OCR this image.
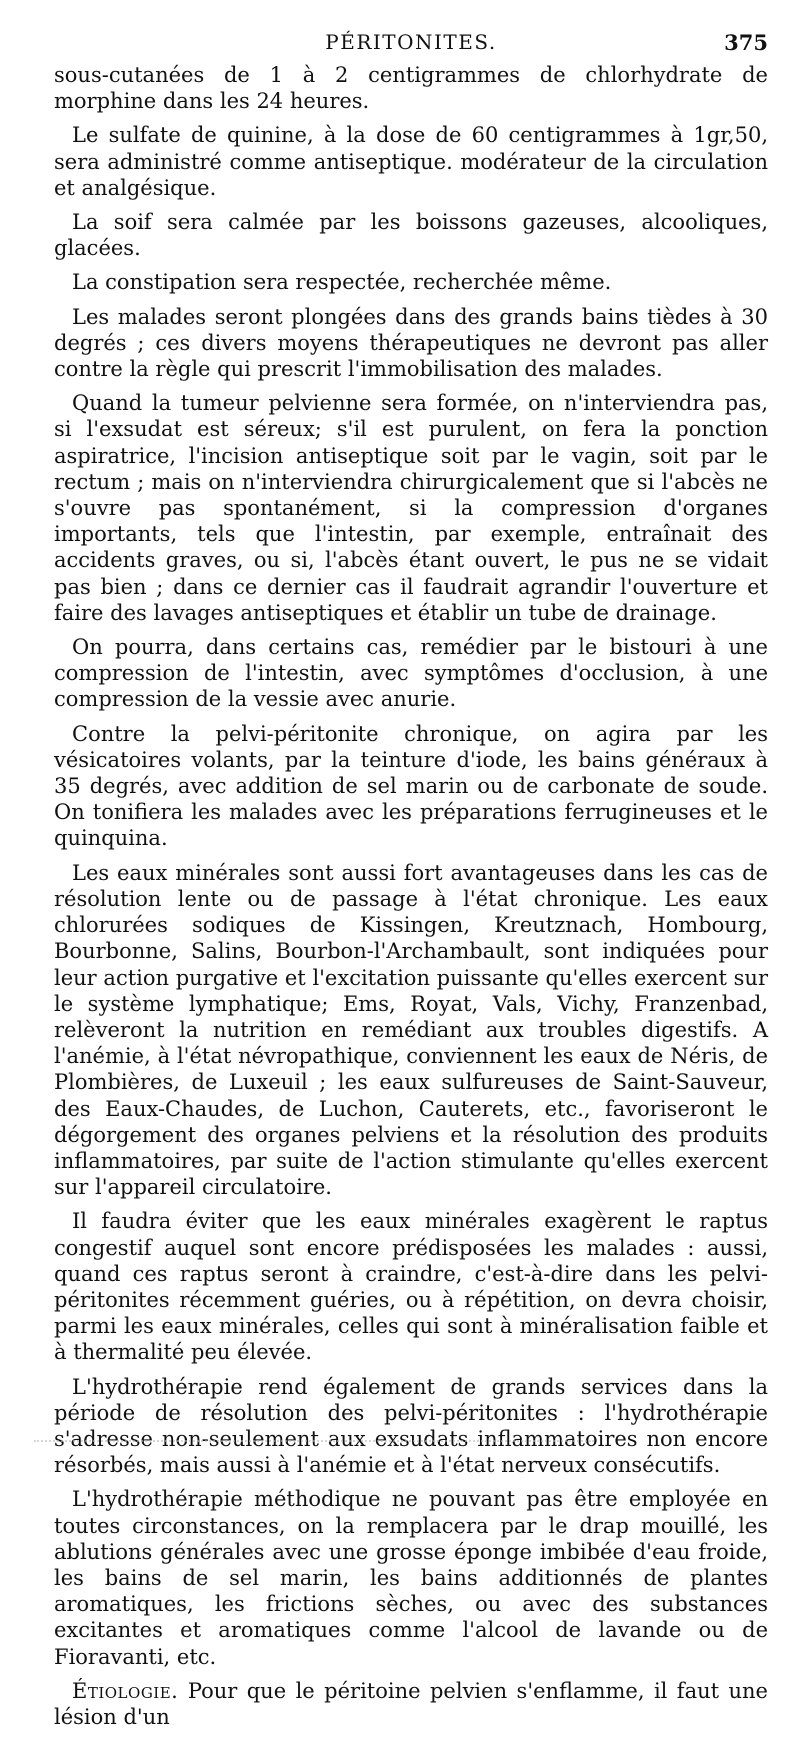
PÉRITONITES.	375

sous-cutanées de 1 à 2 centigrammes de chlorhydrate de morphine dans les 24 heures.

Le sulfate de quinine, à la dose de 60 centigrammes à 1gr,50, sera administré comme antiseptique. modérateur de la circulation et analgésique.

La soif sera calmée par les boissons gazeuses, alcooliques, glacées.

La constipation sera respectée, recherchée même.

Les malades seront plongées dans des grands bains tièdes à 30 degrés ; ces divers moyens thérapeutiques ne devront pas aller contre la règle qui prescrit l'immobilisation des malades.

Quand la tumeur pelvienne sera formée, on n'interviendra pas, si l'exsudat est séreux; s'il est purulent, on fera la ponction aspiratrice, l'incision antiseptique soit par le vagin, soit par le rectum ; mais on n'interviendra chirurgicalement que si l'abcès ne s'ouvre pas spontanément, si la compression d'organes importants, tels que l'intestin, par exemple, entraînait des accidents graves, ou si, l'abcès étant ouvert, le pus ne se vidait pas bien ; dans ce dernier cas il faudrait agrandir l'ouverture et faire des lavages antiseptiques et établir un tube de drainage.

On pourra, dans certains cas, remédier par le bistouri à une compression de l'intestin, avec symptômes d'occlusion, à une compression de la vessie avec anurie.

Contre la pelvi-péritonite chronique, on agira par les vésicatoires volants, par la teinture d'iode, les bains généraux à 35 degrés, avec addition de sel marin ou de carbonate de soude. On tonifiera les malades avec les préparations ferrugineuses et le quinquina.

Les eaux minérales sont aussi fort avantageuses dans les cas de résolution lente ou de passage à l'état chronique. Les eaux chlorurées sodiques de Kissingen, Kreutznach, Hombourg, Bourbonne, Salins, Bourbon-l'Archambault, sont indiquées pour leur action purgative et l'excitation puissante qu'elles exercent sur le système lymphatique; Ems, Royat, Vals, Vichy, Franzenbad, relèveront la nutrition en remédiant aux troubles digestifs. A l'anémie, à l'état névropathique, conviennent les eaux de Néris, de Plombières, de Luxeuil ; les eaux sulfureuses de Saint-Sauveur, des Eaux-Chaudes, de Luchon, Cauterets, etc., favoriseront le dégorgement des organes pelviens et la résolution des produits inflammatoires, par suite de l'action stimulante qu'elles exercent sur l'appareil circulatoire.

Il faudra éviter que les eaux minérales exagèrent le raptus congestif auquel sont encore prédisposées les malades : aussi, quand ces raptus seront à craindre, c'est-à-dire dans les pelvi-péritonites récemment guéries, ou à répétition, on devra choisir, parmi les eaux minérales, celles qui sont à minéralisation faible et à thermalité peu élevée.

L'hydrothérapie rend également de grands services dans la période de résolution des pelvi-péritonites : l'hydrothérapie s'adresse non-seulement aux exsudats inflammatoires non encore résorbés, mais aussi à l'anémie et à l'état nerveux consécutifs.

L'hydrothérapie méthodique ne pouvant pas être employée en toutes circonstances, on la remplacera par le drap mouillé, les ablutions générales avec une grosse éponge imbibée d'eau froide, les bains de sel marin, les bains additionnés de plantes aromatiques, les frictions sèches, ou avec des substances excitantes et aromatiques comme l'alcool de lavande ou de Fioravanti, etc.

Étiologie. Pour que le péritoine pelvien s'enflamme, il faut une lésion d'un
